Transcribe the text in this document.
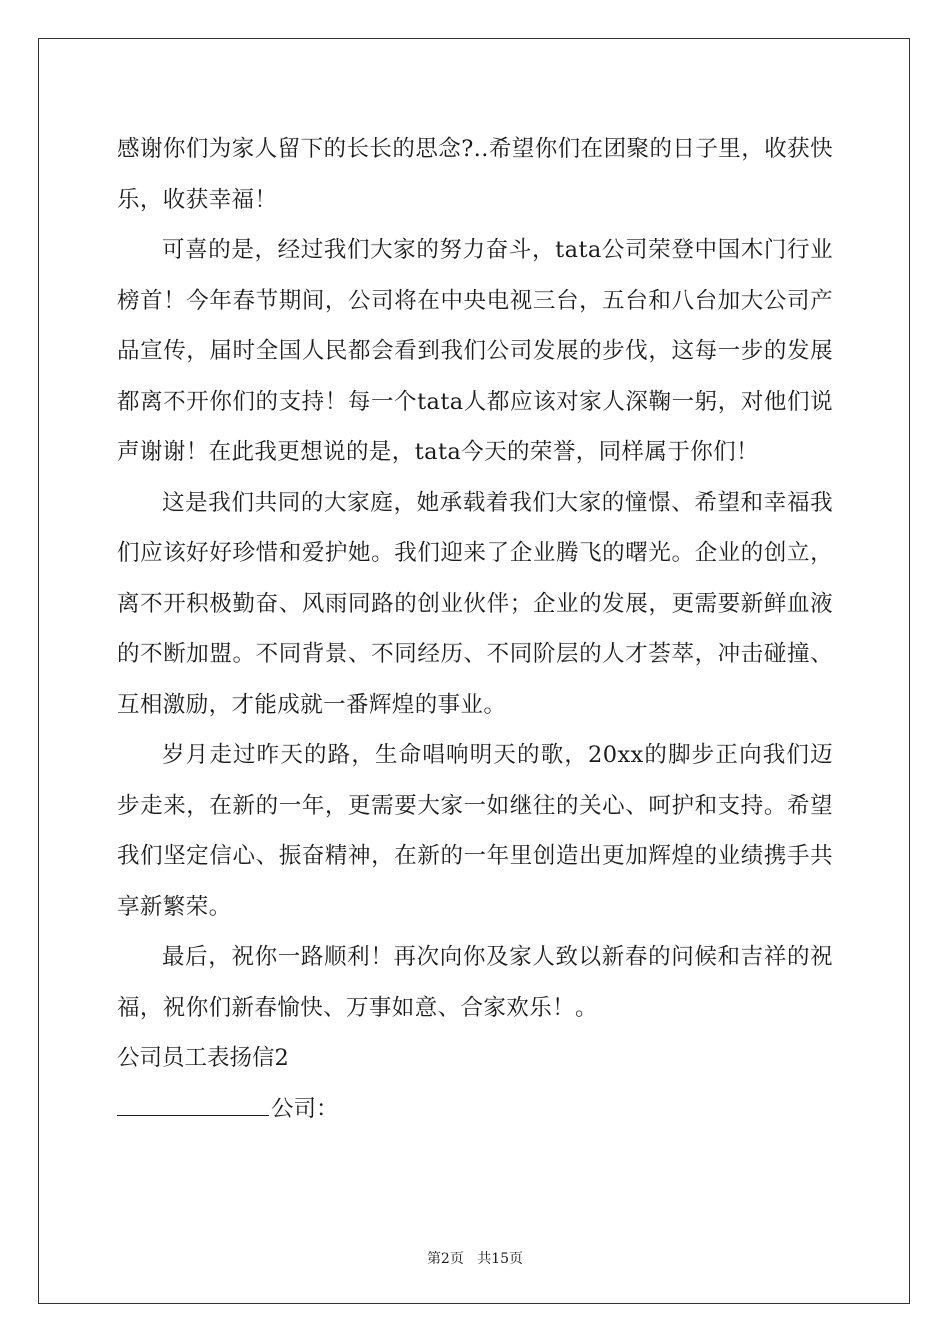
感谢你们为家人留下的长长的思念?..希望你们在团聚的日子里，收获快乐，收获幸福！

可喜的是，经过我们大家的努力奋斗，tata公司荣登中国木门行业榜首！今年春节期间，公司将在中央电视三台，五台和八台加大公司产品宣传，届时全国人民都会看到我们公司发展的步伐，这每一步的发展都离不开你们的支持！每一个tata人都应该对家人深鞠一躬，对他们说声谢谢！在此我更想说的是，tata今天的荣誉，同样属于你们！

这是我们共同的大家庭，她承载着我们大家的憧憬、希望和幸福我们应该好好珍惜和爱护她。我们迎来了企业腾飞的曙光。企业的创立，离不开积极勤奋、风雨同路的创业伙伴；企业的发展，更需要新鲜血液的不断加盟。不同背景、不同经历、不同阶层的人才荟萃，冲击碰撞、互相激励，才能成就一番辉煌的事业。

岁月走过昨天的路，生命唱响明天的歌，20xx的脚步正向我们迈步走来，在新的一年，更需要大家一如继往的关心、呵护和支持。希望我们坚定信心、振奋精神，在新的一年里创造出更加辉煌的业绩携手共享新繁荣。

最后，祝你一路顺利！再次向你及家人致以新春的问候和吉祥的祝福，祝你们新春愉快、万事如意、合家欢乐！。

公司员工表扬信2

公司：

第2页 共15页
